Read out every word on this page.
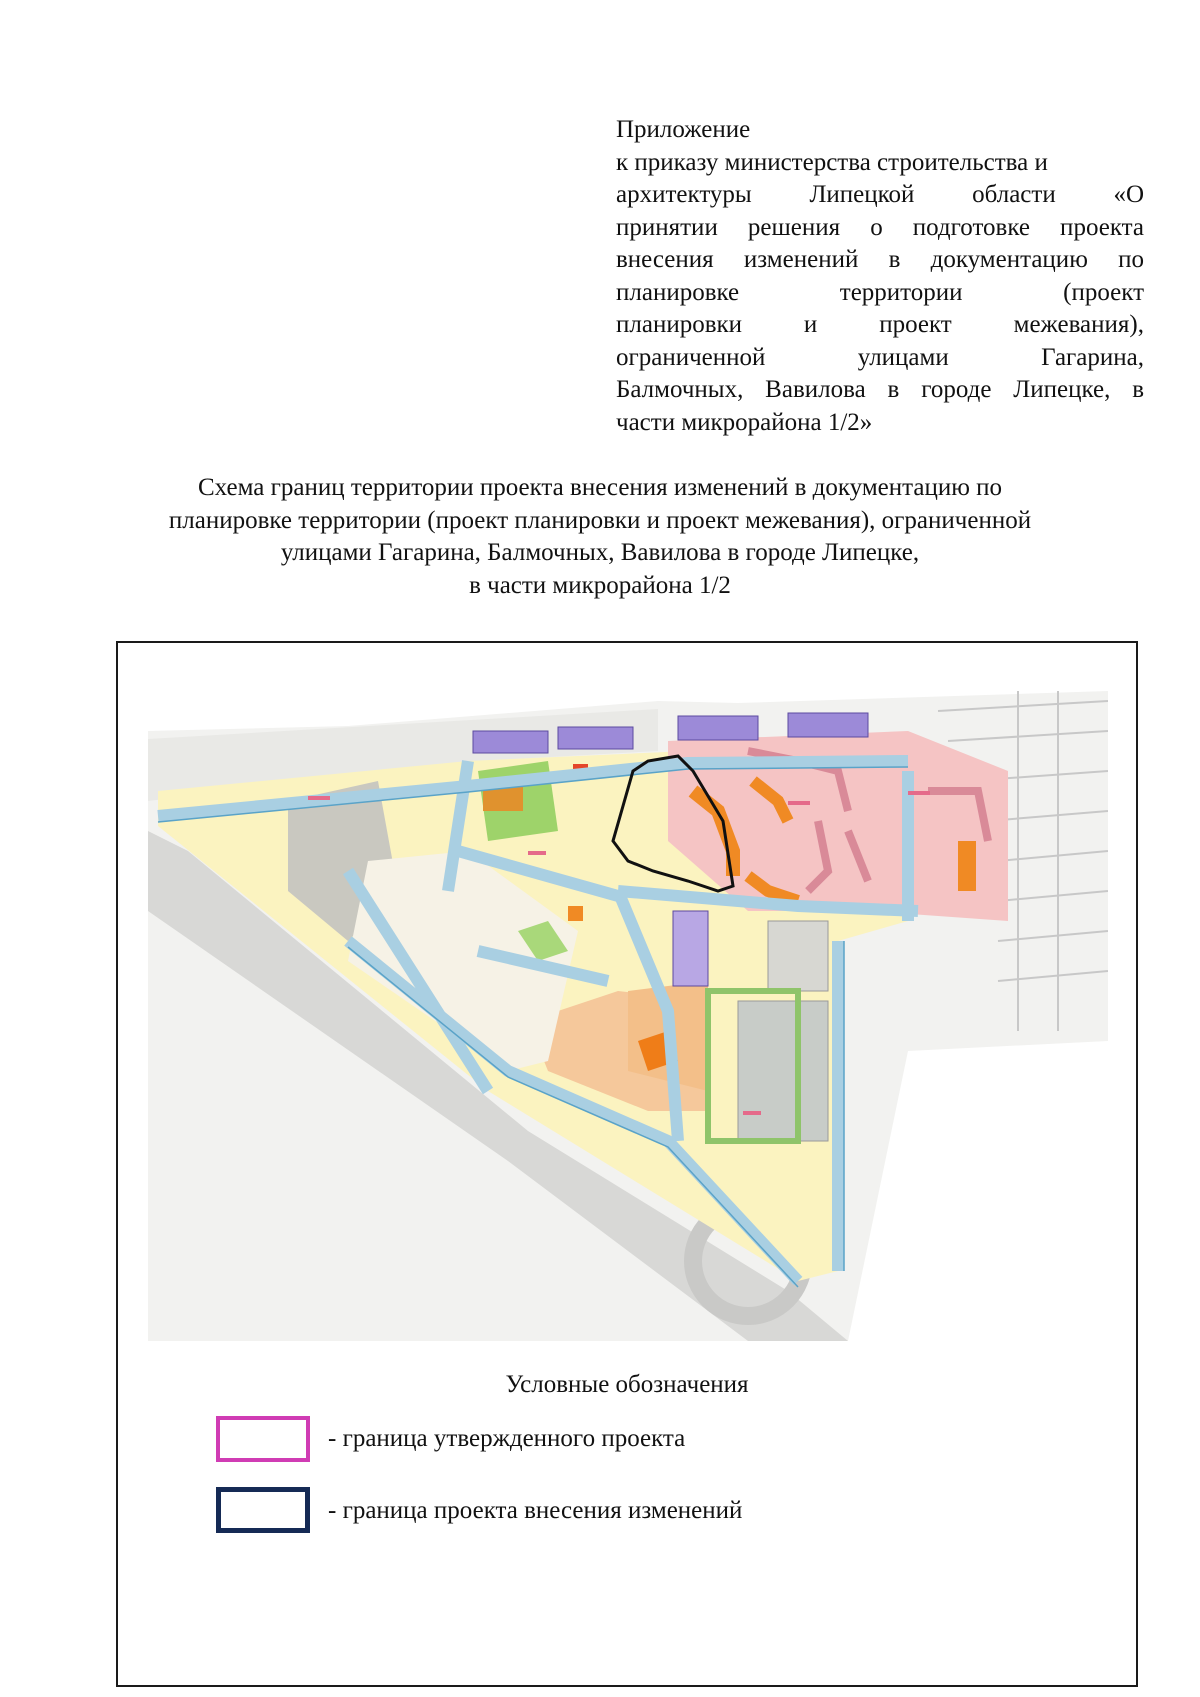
Приложение
к приказу министерства строительства и
архитектуры Липецкой области «О
принятии решения о подготовке проекта
внесения изменений в документацию по
планировке территории (проект
планировки и проект межевания),
ограниченной улицами Гагарина,
Балмочных, Вавилова в городе Липецке, в
части микрорайона 1/2»
Схема границ территории проекта внесения изменений в документацию по
планировке территории (проект планировки и проект межевания), ограниченной
улицами Гагарина, Балмочных, Вавилова в городе Липецке,
в части микрорайона 1/2
Условные обозначения
- граница утвержденного проекта
- граница проекта внесения изменений
